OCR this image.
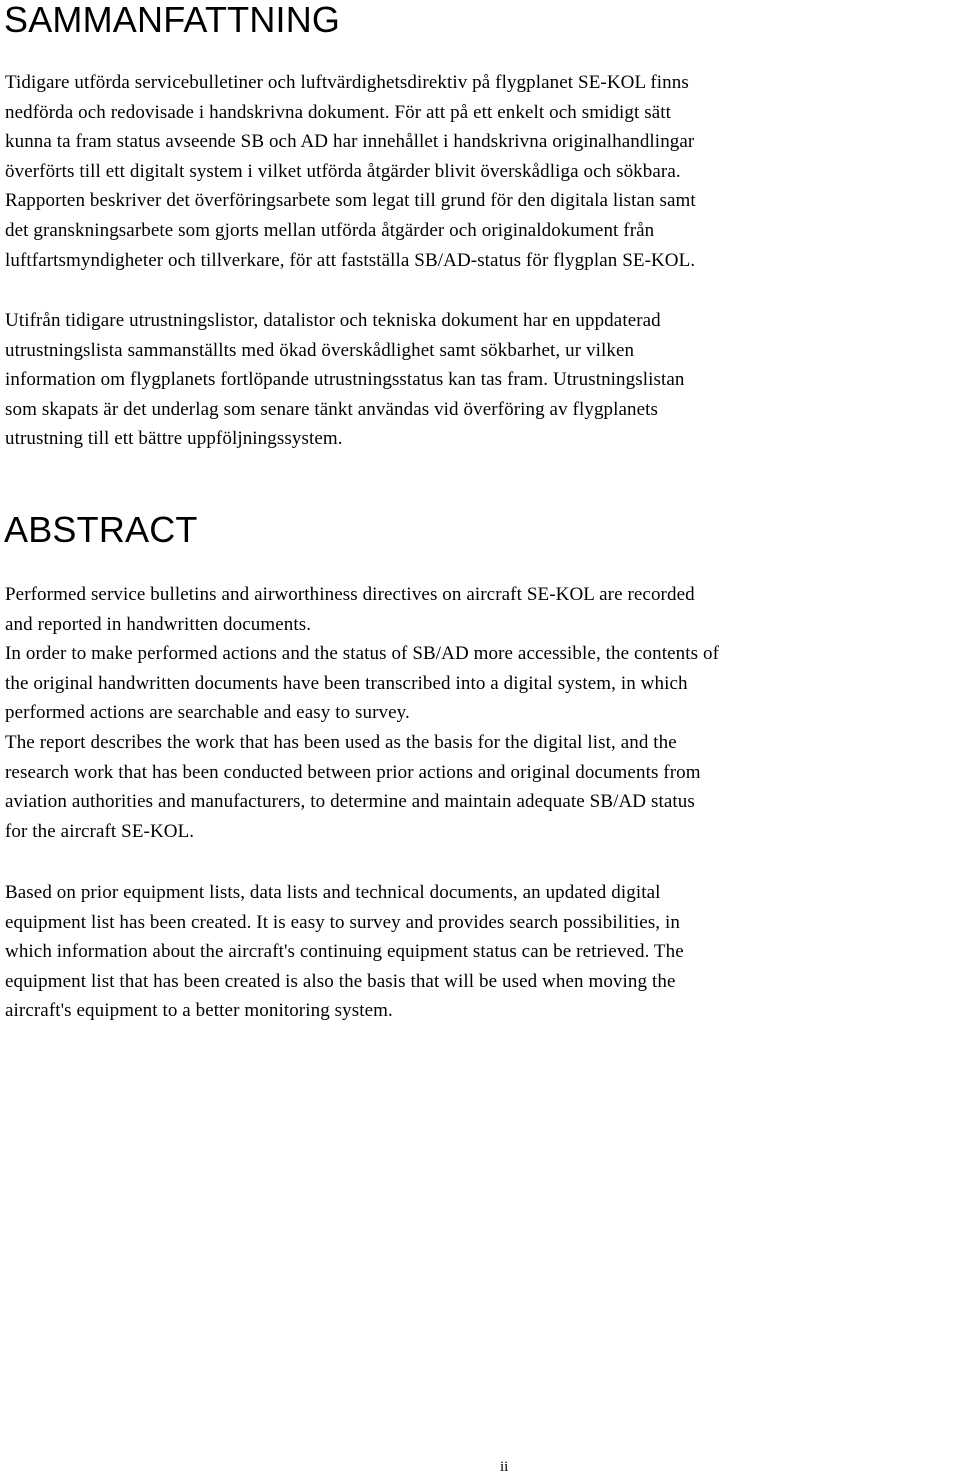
SAMMANFATTNING

Tidigare utförda servicebulletiner och luftvärdighetsdirektiv på flygplanet SE-KOL finns
nedförda och redovisade i handskrivna dokument. För att på ett enkelt och smidigt sätt
kunna ta fram status avseende SB och AD har innehållet i handskrivna originalhandlingar
överförts till ett digitalt system i vilket utförda åtgärder blivit överskådliga och sökbara.
Rapporten beskriver det överföringsarbete som legat till grund för den digitala listan samt
det granskningsarbete som gjorts mellan utförda åtgärder och originaldokument från
luftfartsmyndigheter och tillverkare, för att fastställa SB/AD-status för flygplan SE-KOL.

Utifrån tidigare utrustningslistor, datalistor och tekniska dokument har en uppdaterad
utrustningslista sammanställts med ökad överskådlighet samt sökbarhet, ur vilken
information om flygplanets fortlöpande utrustningsstatus kan tas fram. Utrustningslistan
som skapats är det underlag som senare tänkt användas vid överföring av flygplanets
utrustning till ett bättre uppföljningssystem.

ABSTRACT

Performed service bulletins and airworthiness directives on aircraft SE-KOL are recorded
and reported in handwritten documents.
In order to make performed actions and the status of SB/AD more accessible, the contents of
the original handwritten documents have been transcribed into a digital system, in which
performed actions are searchable and easy to survey.
The report describes the work that has been used as the basis for the digital list, and the
research work that has been conducted between prior actions and original documents from
aviation authorities and manufacturers, to determine and maintain adequate SB/AD status
for the aircraft SE-KOL.

Based on prior equipment lists, data lists and technical documents, an updated digital
equipment list has been created. It is easy to survey and provides search possibilities, in
which information about the aircraft's continuing equipment status can be retrieved. The
equipment list that has been created is also the basis that will be used when moving the
aircraft's equipment to a better monitoring system.

ii
